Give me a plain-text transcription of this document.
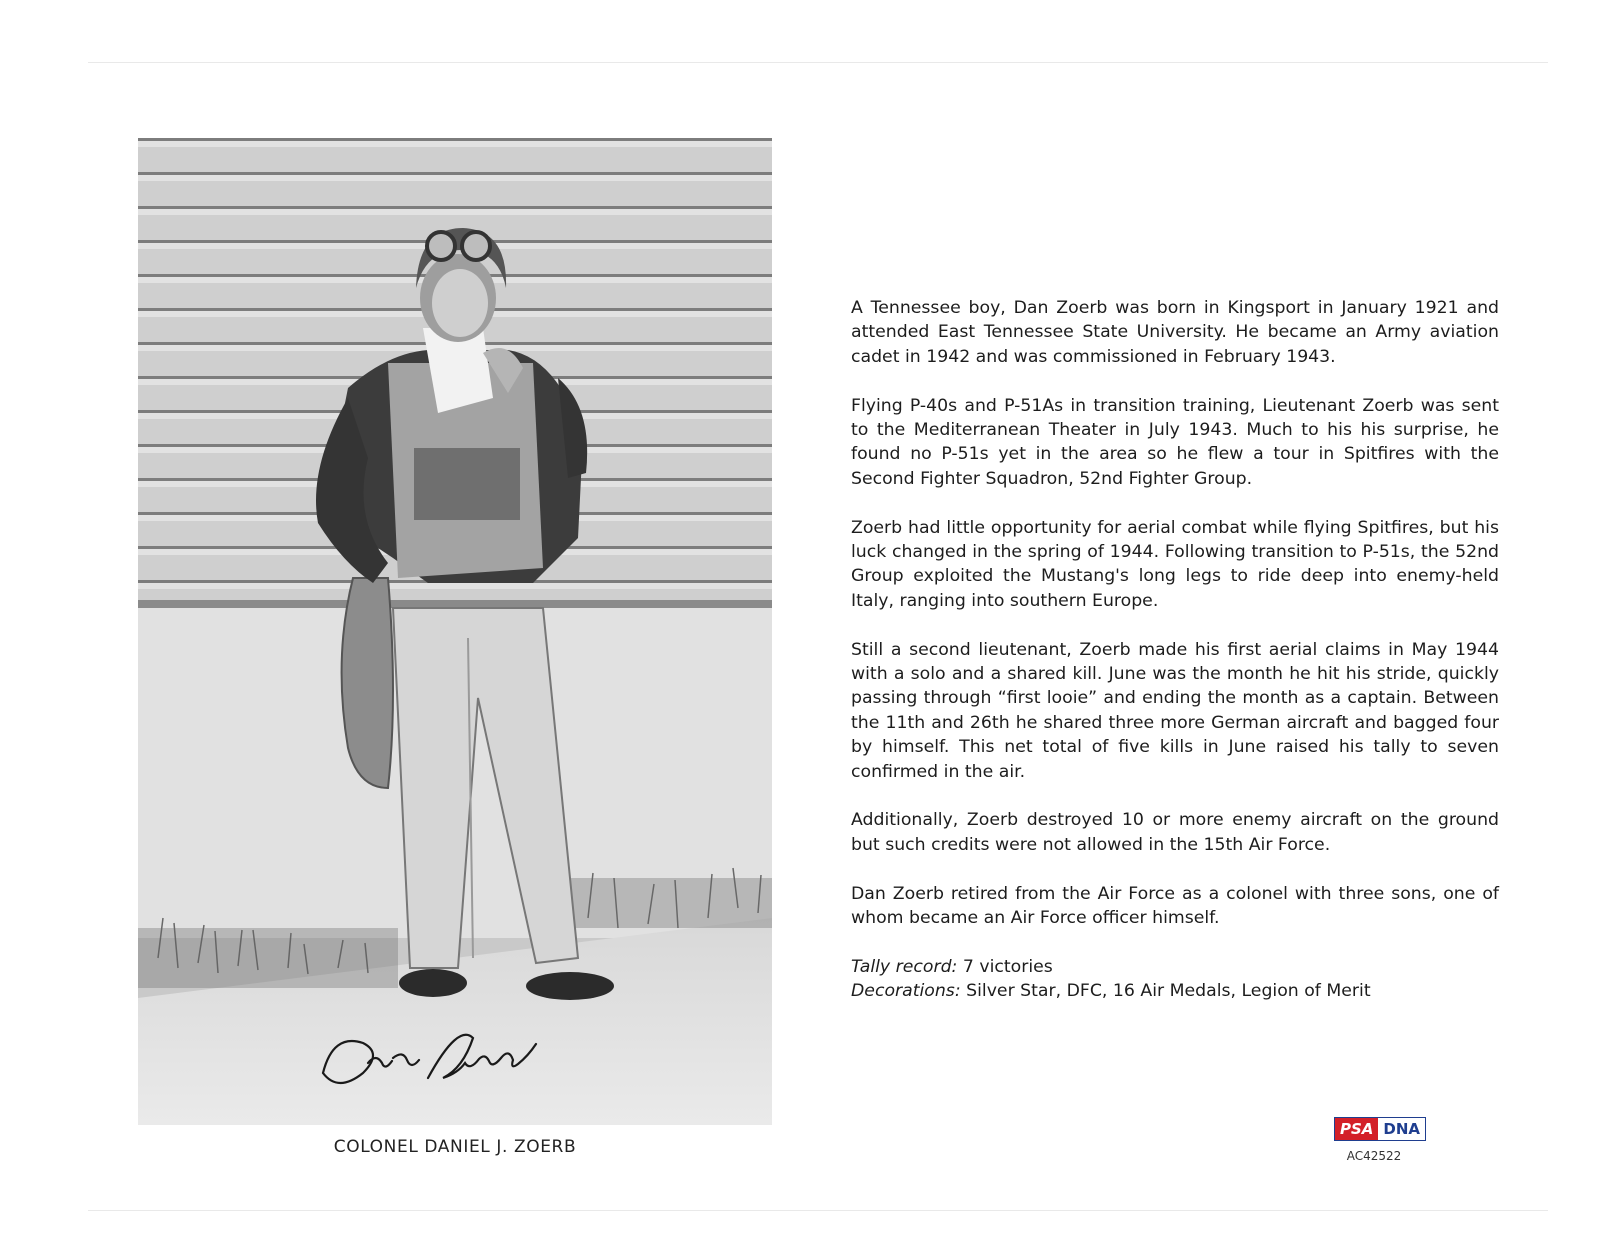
COLONEL DANIEL J. ZOERB

A Tennessee boy, Dan Zoerb was born in Kingsport in January 1921 and attended East Tennessee State University. He became an Army aviation cadet in 1942 and was commissioned in February 1943.

Flying P-40s and P-51As in transition training, Lieutenant Zoerb was sent to the Mediterranean Theater in July 1943. Much to his his surprise, he found no P-51s yet in the area so he flew a tour in Spitfires with the Second Fighter Squadron, 52nd Fighter Group.

Zoerb had little opportunity for aerial combat while flying Spitfires, but his luck changed in the spring of 1944. Following transition to P-51s, the 52nd Group exploited the Mustang's long legs to ride deep into enemy-held Italy, ranging into southern Europe.

Still a second lieutenant, Zoerb made his first aerial claims in May 1944 with a solo and a shared kill. June was the month he hit his stride, quickly passing through “first looie” and ending the month as a captain. Between the 11th and 26th he shared three more German aircraft and bagged four by himself. This net total of five kills in June raised his tally to seven confirmed in the air.

Additionally, Zoerb destroyed 10 or more enemy aircraft on the ground but such credits were not allowed in the 15th Air Force.

Dan Zoerb retired from the Air Force as a colonel with three sons, one of whom became an Air Force officer himself.

Tally record: 7 victories
Decorations: Silver Star, DFC, 16 Air Medals, Legion of Merit
PSA DNA
AC42522
